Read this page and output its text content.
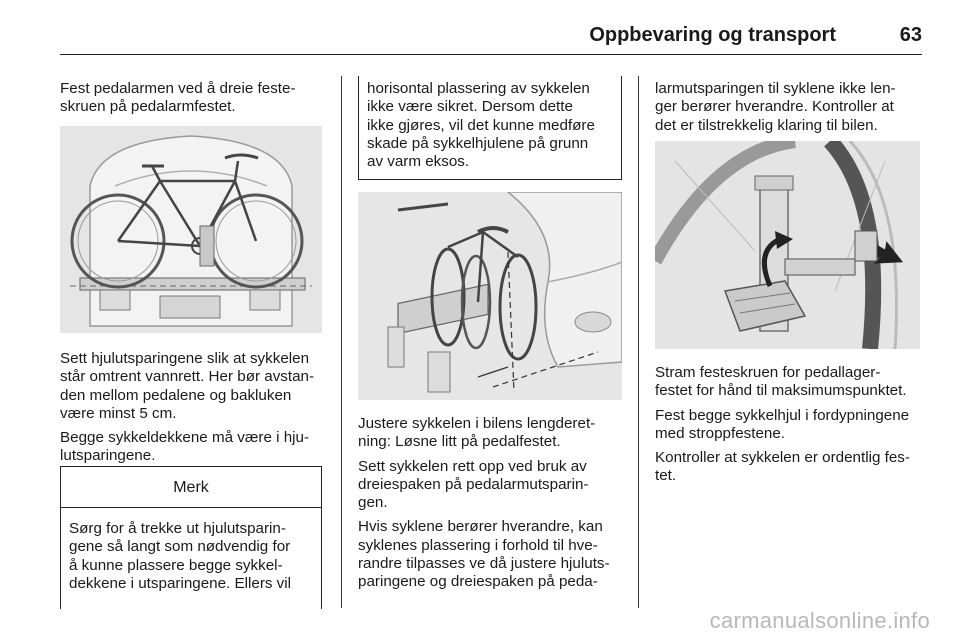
Oppbevaring og transport	63

Fest pedalarmen ved å dreie feste-
skruen på pedalarmfestet.

Sett hjulutsparingene slik at sykkelen
står omtrent vannrett. Her bør avstan-
den mellom pedalene og bakluken
være minst 5 cm.

Begge sykkeldekkene må være i hju-
lutsparingene.

Merk
Sørg for å trekke ut hjulutsparin-
gene så langt som nødvendig for
å kunne plassere begge sykkel-
dekkene i utsparingene. Ellers vil
horisontal plassering av sykkelen
ikke være sikret. Dersom dette
ikke gjøres, vil det kunne medføre
skade på sykkelhjulene på grunn
av varm eksos.

Justere sykkelen i bilens lengderet-
ning: Løsne litt på pedalfestet.

Sett sykkelen rett opp ved bruk av
dreiespaken på pedalarmutsparin-
gen.

Hvis syklene berører hverandre, kan
syklenes plassering i forhold til hve-
randre tilpasses ve då justere hjuluts-
paringene og dreiespaken på peda-

larmutsparingen til syklene ikke len-
ger berører hverandre. Kontroller at
det er tilstrekkelig klaring til bilen.

Stram festeskruen for pedallager-
festet for hånd til maksimumspunktet.

Fest begge sykkelhjul i fordypningene
med stroppfestene.

Kontroller at sykkelen er ordentlig fes-
tet.

carmanualsonline.info
